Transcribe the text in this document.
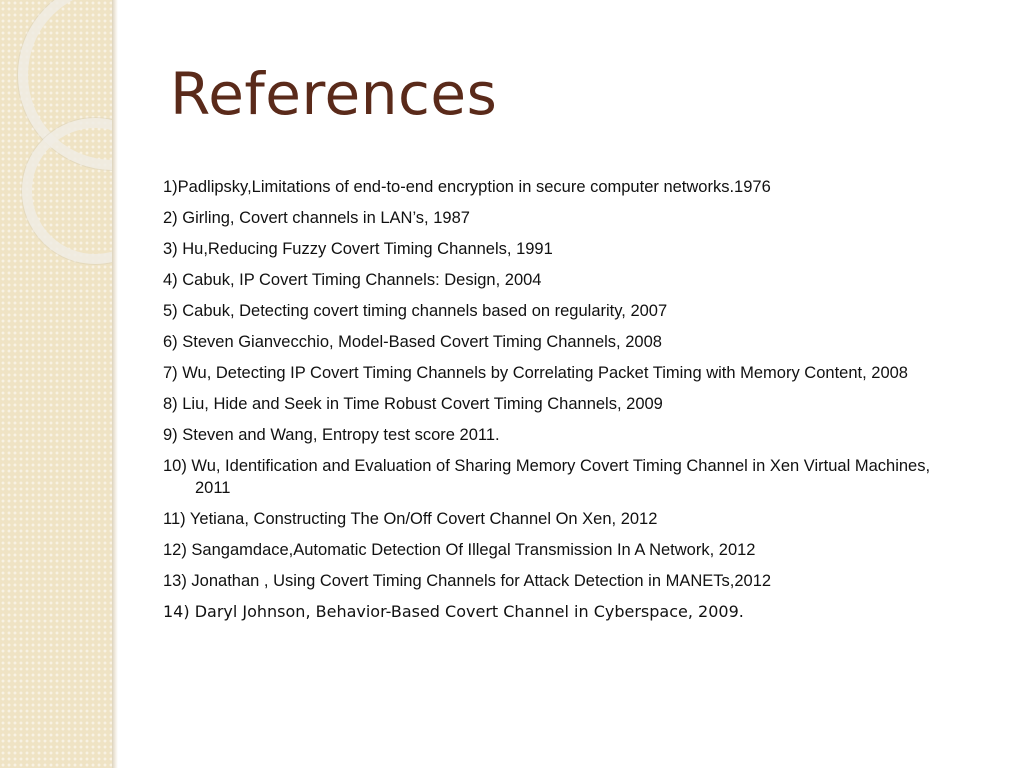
References
1)Padlipsky,Limitations of end-to-end encryption in secure computer networks.1976
2) Girling, Covert channels in LAN’s, 1987
3) Hu,Reducing Fuzzy Covert Timing Channels, 1991
4) Cabuk, IP Covert Timing Channels: Design, 2004
5) Cabuk, Detecting covert timing channels based on regularity, 2007
6) Steven Gianvecchio, Model-Based Covert Timing Channels, 2008
7) Wu, Detecting IP Covert Timing Channels by Correlating Packet Timing with Memory Content, 2008
8) Liu, Hide and Seek in Time Robust Covert Timing Channels, 2009
9) Steven and Wang, Entropy test score 2011.
10) Wu, Identification and Evaluation of Sharing Memory Covert Timing Channel in Xen Virtual Machines, 2011
11) Yetiana, Constructing The On/Off Covert Channel On Xen, 2012
12) Sangamdace,Automatic Detection Of Illegal Transmission In A Network, 2012
13) Jonathan , Using Covert Timing Channels for Attack Detection in MANETs,2012
14) Daryl Johnson, Behavior-Based Covert Channel in Cyberspace, 2009.
